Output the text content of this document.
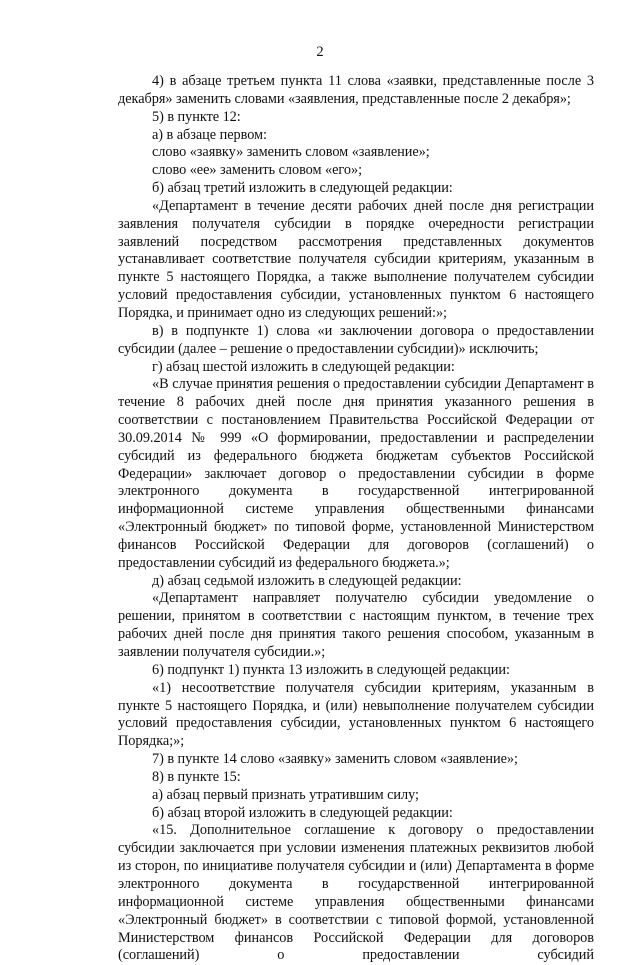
2

4) в абзаце третьем пункта 11 слова «заявки, представленные после 3 декабря» заменить словами «заявления, представленные после 2 декабря»;

5) в пункте 12:

а) в абзаце первом:

слово «заявку» заменить словом «заявление»;

слово «ее» заменить словом «его»;

б) абзац третий изложить в следующей редакции:

«Департамент в течение десяти рабочих дней после дня регистрации заявления получателя субсидии в порядке очередности регистрации заявлений посредством рассмотрения представленных документов устанавливает соответствие получателя субсидии критериям, указанным в пункте 5 настоящего Порядка, а также выполнение получателем субсидии условий предоставления субсидии, установленных пунктом 6 настоящего Порядка, и принимает одно из следующих решений:»;

в) в подпункте 1) слова «и заключении договора о предоставлении субсидии (далее – решение о предоставлении субсидии)» исключить;

г) абзац шестой изложить в следующей редакции:

«В случае принятия решения о предоставлении субсидии Департамент в течение 8 рабочих дней после дня принятия указанного решения в соответствии с постановлением Правительства Российской Федерации от 30.09.2014 № 999 «О формировании, предоставлении и распределении субсидий из федерального бюджета бюджетам субъектов Российской Федерации» заключает договор о предоставлении субсидии в форме электронного документа в государственной интегрированной информационной системе управления общественными финансами «Электронный бюджет» по типовой форме, установленной Министерством финансов Российской Федерации для договоров (соглашений) о предоставлении субсидий из федерального бюджета.»;

д) абзац седьмой изложить в следующей редакции:

«Департамент направляет получателю субсидии уведомление о решении, принятом в соответствии с настоящим пунктом, в течение трех рабочих дней после дня принятия такого решения способом, указанным в заявлении получателя субсидии.»;

6) подпункт 1) пункта 13 изложить в следующей редакции:

«1) несоответствие получателя субсидии критериям, указанным в пункте 5 настоящего Порядка, и (или) невыполнение получателем субсидии условий предоставления субсидии, установленных пунктом 6 настоящего Порядка;»;

7) в пункте 14 слово «заявку» заменить словом «заявление»;

8) в пункте 15:

а) абзац первый признать утратившим силу;

б) абзац второй изложить в следующей редакции:

«15. Дополнительное соглашение к договору о предоставлении субсидии заключается при условии изменения платежных реквизитов любой из сторон, по инициативе получателя субсидии и (или) Департамента в форме электронного документа в государственной интегрированной информационной системе управления общественными финансами «Электронный бюджет» в соответствии с типовой формой, установленной Министерством финансов Российской Федерации для договоров (соглашений) о предоставлении субсидий
